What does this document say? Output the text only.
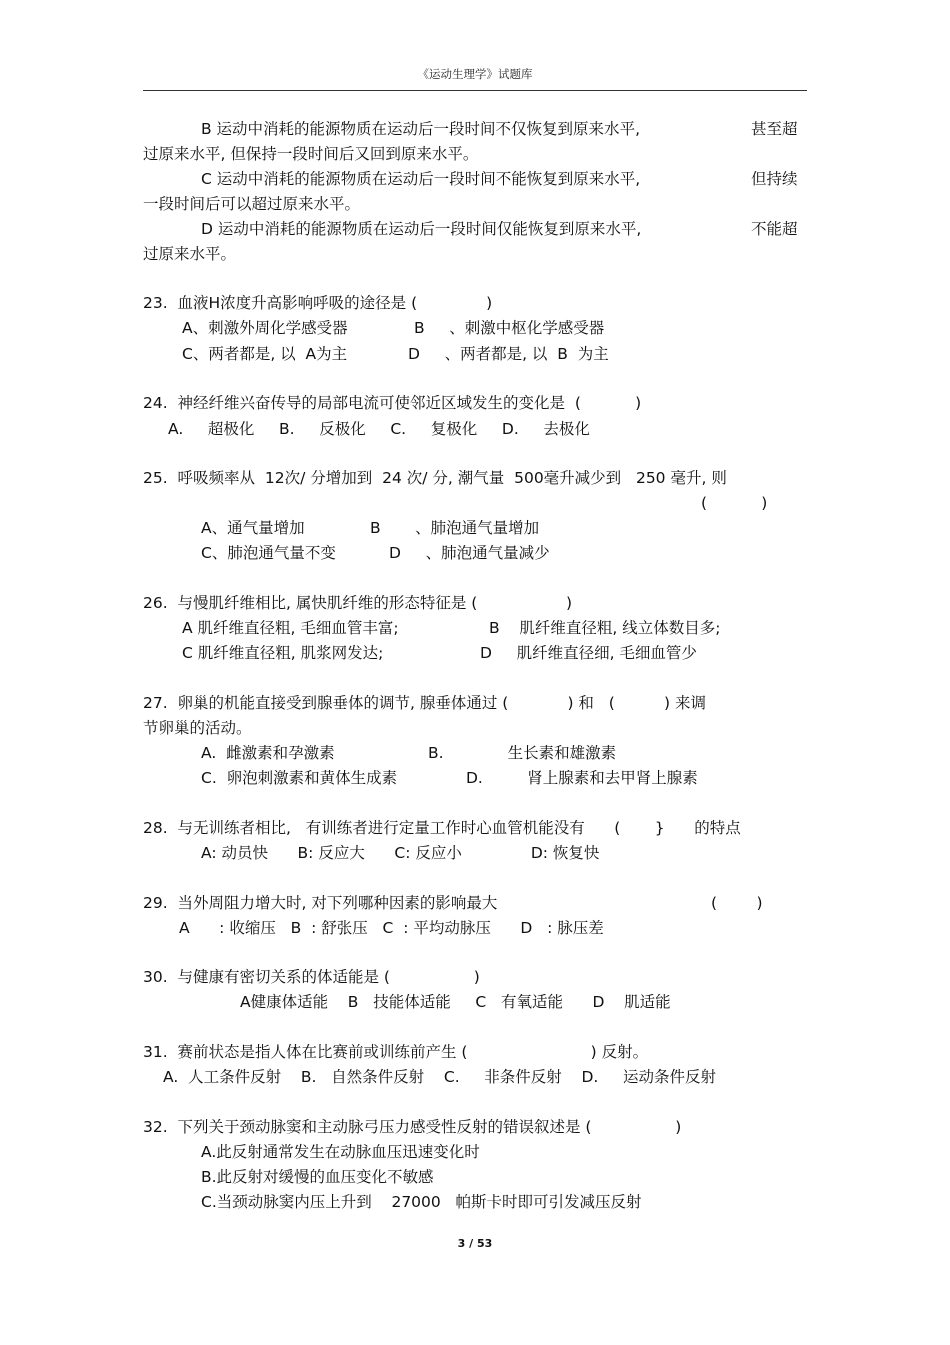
《运动生理学》试题库
B 运动中消耗的能源物质在运动后一段时间不仅恢复到原来水平,	甚至超
过原来水平, 但保持一段时间后又回到原来水平。
C 运动中消耗的能源物质在运动后一段时间不能恢复到原来水平,	但持续
一段时间后可以超过原来水平。
D 运动中消耗的能源物质在运动后一段时间仅能恢复到原来水平,	不能超
过原来水平。
23.  血液H浓度升高影响呼吸的途径是 (              )
A、刺激外周化学感受器	B     、刺激中枢化学感受器
C、两者都是, 以  A为主	D     、两者都是, 以  B  为主
24.  神经纤维兴奋传导的局部电流可使邻近区域发生的变化是  (           )
A.     超极化     B.     反极化     C.     复极化     D.     去极化
25.  呼吸频率从  12次/ 分增加到  24 次/ 分, 潮气量  500毫升减少到   250 毫升, 则
(           )
A、通气量增加	B       、肺泡通气量增加
C、肺泡通气量不变	D     、肺泡通气量减少
26.  与慢肌纤维相比, 属快肌纤维的形态特征是 (                  )
A 肌纤维直径粗, 毛细血管丰富;	B    肌纤维直径粗, 线立体数目多;
C 肌纤维直径粗, 肌浆网发达;	D     肌纤维直径细, 毛细血管少
27.  卵巢的机能直接受到腺垂体的调节, 腺垂体通过 (            ) 和   (          ) 来调
节卵巢的活动。
A.  雌激素和孕激素	B.             生长素和雄激素
C.  卵泡刺激素和黄体生成素	D.         肾上腺素和去甲肾上腺素
28.  与无训练者相比,   有训练者进行定量工作时心血管机能没有      (       }      的特点
A: 动员快      B: 反应大      C: 反应小              D: 恢复快
29.  当外周阻力增大时, 对下列哪种因素的影响最大	(        )
A      : 收缩压   B  : 舒张压   C  : 平均动脉压      D   : 脉压差
30.  与健康有密切关系的体适能是 (                 )
A健康体适能    B   技能体适能     C   有氧适能      D    肌适能
31.  赛前状态是指人体在比赛前或训练前产生 (                         ) 反射。
A.  人工条件反射    B.   自然条件反射    C.     非条件反射    D.     运动条件反射
32.  下列关于颈动脉窦和主动脉弓压力感受性反射的错误叙述是 (                 )
A.此反射通常发生在动脉血压迅速变化时
B.此反射对缓慢的血压变化不敏感
C.当颈动脉窦内压上升到    27000   帕斯卡时即可引发减压反射
3 / 53
